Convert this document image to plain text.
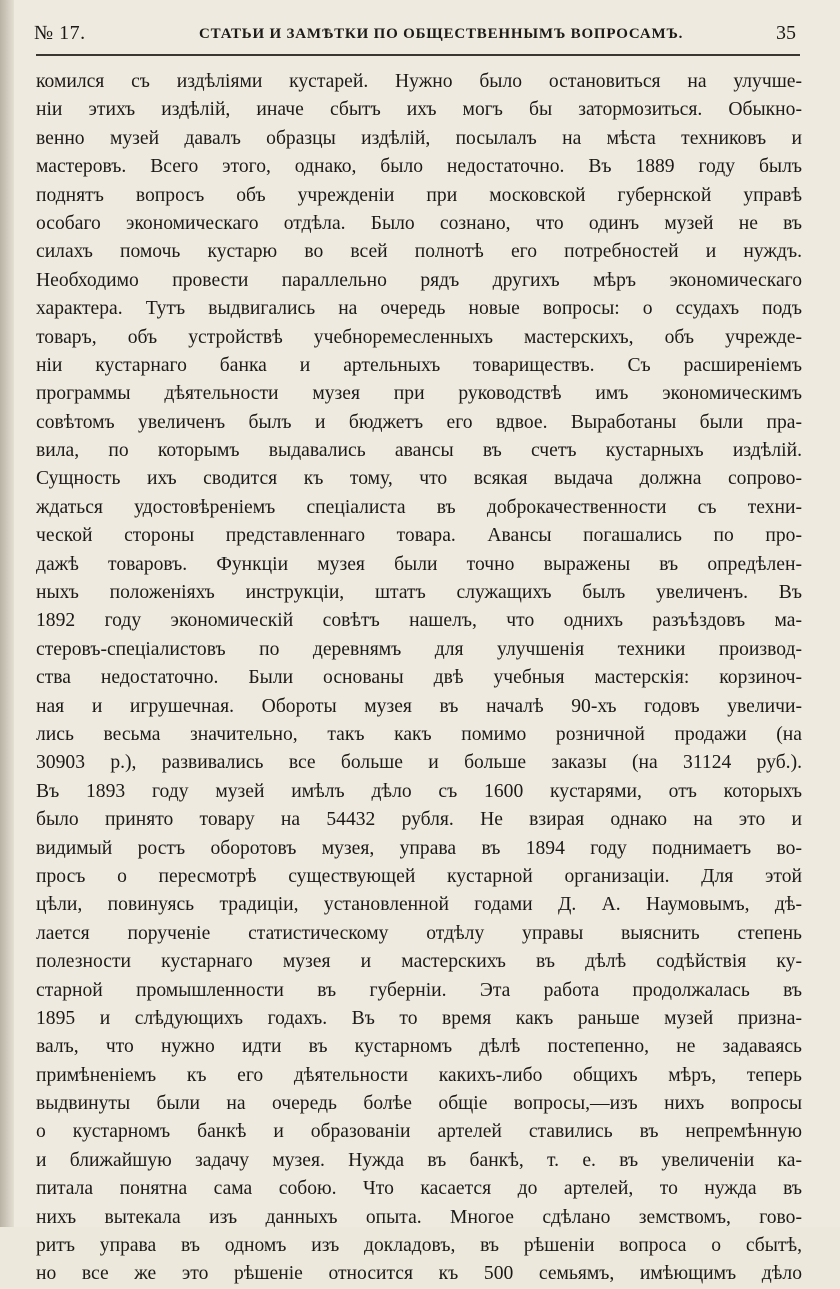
№ 17.	СТАТЬИ И ЗАМѢТКИ ПО ОБЩЕСТВЕННЫМЪ ВОПРОСАМЪ.	35
комился съ издѣліями кустарей. Нужно было остановиться на улучше-
ніи этихъ издѣлій, иначе сбытъ ихъ могъ бы затормозиться. Обыкно-
венно музей давалъ образцы издѣлій, посылалъ на мѣста техниковъ и
мастеровъ. Всего этого, однако, было недостаточно. Въ 1889 году былъ
поднятъ вопросъ объ учрежденіи при московской губернской управѣ
особаго экономическаго отдѣла. Было сознано, что одинъ музей не въ
силахъ помочь кустарю во всей полнотѣ его потребностей и нуждъ.
Необходимо провести параллельно рядъ другихъ мѣръ экономическаго
характера. Тутъ выдвигались на очередь новые вопросы: о ссудахъ подъ
товаръ, объ устройствѣ учебноремесленныхъ мастерскихъ, объ учрежде-
ніи кустарнаго банка и артельныхъ товариществъ. Съ расширеніемъ
программы дѣятельности музея при руководствѣ имъ экономическимъ
совѣтомъ увеличенъ былъ и бюджетъ его вдвое. Выработаны были пра-
вила, по которымъ выдавались авансы въ счетъ кустарныхъ издѣлій.
Сущность ихъ сводится къ тому, что всякая выдача должна сопрово-
ждаться удостовѣреніемъ спеціалиста въ доброкачественности съ техни-
ческой стороны представленнаго товара. Авансы погашались по про-
дажѣ товаровъ. Функціи музея были точно выражены въ опредѣлен-
ныхъ положеніяхъ инструкціи, штатъ служащихъ былъ увеличенъ. Въ
1892 году экономическій совѣтъ нашелъ, что однихъ разъѣздовъ ма-
стеровъ-спеціалистовъ по деревнямъ для улучшенія техники производ-
ства недостаточно. Были основаны двѣ учебныя мастерскія: корзиноч-
ная и игрушечная. Обороты музея въ началѣ 90-хъ годовъ увеличи-
лись весьма значительно, такъ какъ помимо розничной продажи (на
30903 р.), развивались все больше и больше заказы (на 31124 руб.).
Въ 1893 году музей имѣлъ дѣло съ 1600 кустарями, отъ которыхъ
было принято товару на 54432 рубля. Не взирая однако на это и
видимый ростъ оборотовъ музея, управа въ 1894 году поднимаетъ во-
просъ о пересмотрѣ существующей кустарной организаціи. Для этой
цѣли, повинуясь традиціи, установленной годами Д. А. Наумовымъ, дѣ-
лается порученіе статистическому отдѣлу управы выяснить степень
полезности кустарнаго музея и мастерскихъ въ дѣлѣ содѣйствія ку-
старной промышленности въ губерніи. Эта работа продолжалась въ
1895 и слѣдующихъ годахъ. Въ то время какъ раньше музей призна-
валъ, что нужно идти въ кустарномъ дѣлѣ постепенно, не задаваясь
примѣненіемъ къ его дѣятельности какихъ-либо общихъ мѣръ, теперь
выдвинуты были на очередь болѣе общіе вопросы,—изъ нихъ вопросы
о кустарномъ банкѣ и образованіи артелей ставились въ непремѣнную
и ближайшую задачу музея. Нужда въ банкѣ, т. е. въ увеличеніи ка-
питала понятна сама собою. Что касается до артелей, то нужда въ
нихъ вытекала изъ данныхъ опыта. Многое сдѣлано земствомъ, гово-
ритъ управа въ одномъ изъ докладовъ, въ рѣшеніи вопроса о сбытѣ,
но все же это рѣшеніе относится къ 500 семьямъ, имѣющимъ дѣло
